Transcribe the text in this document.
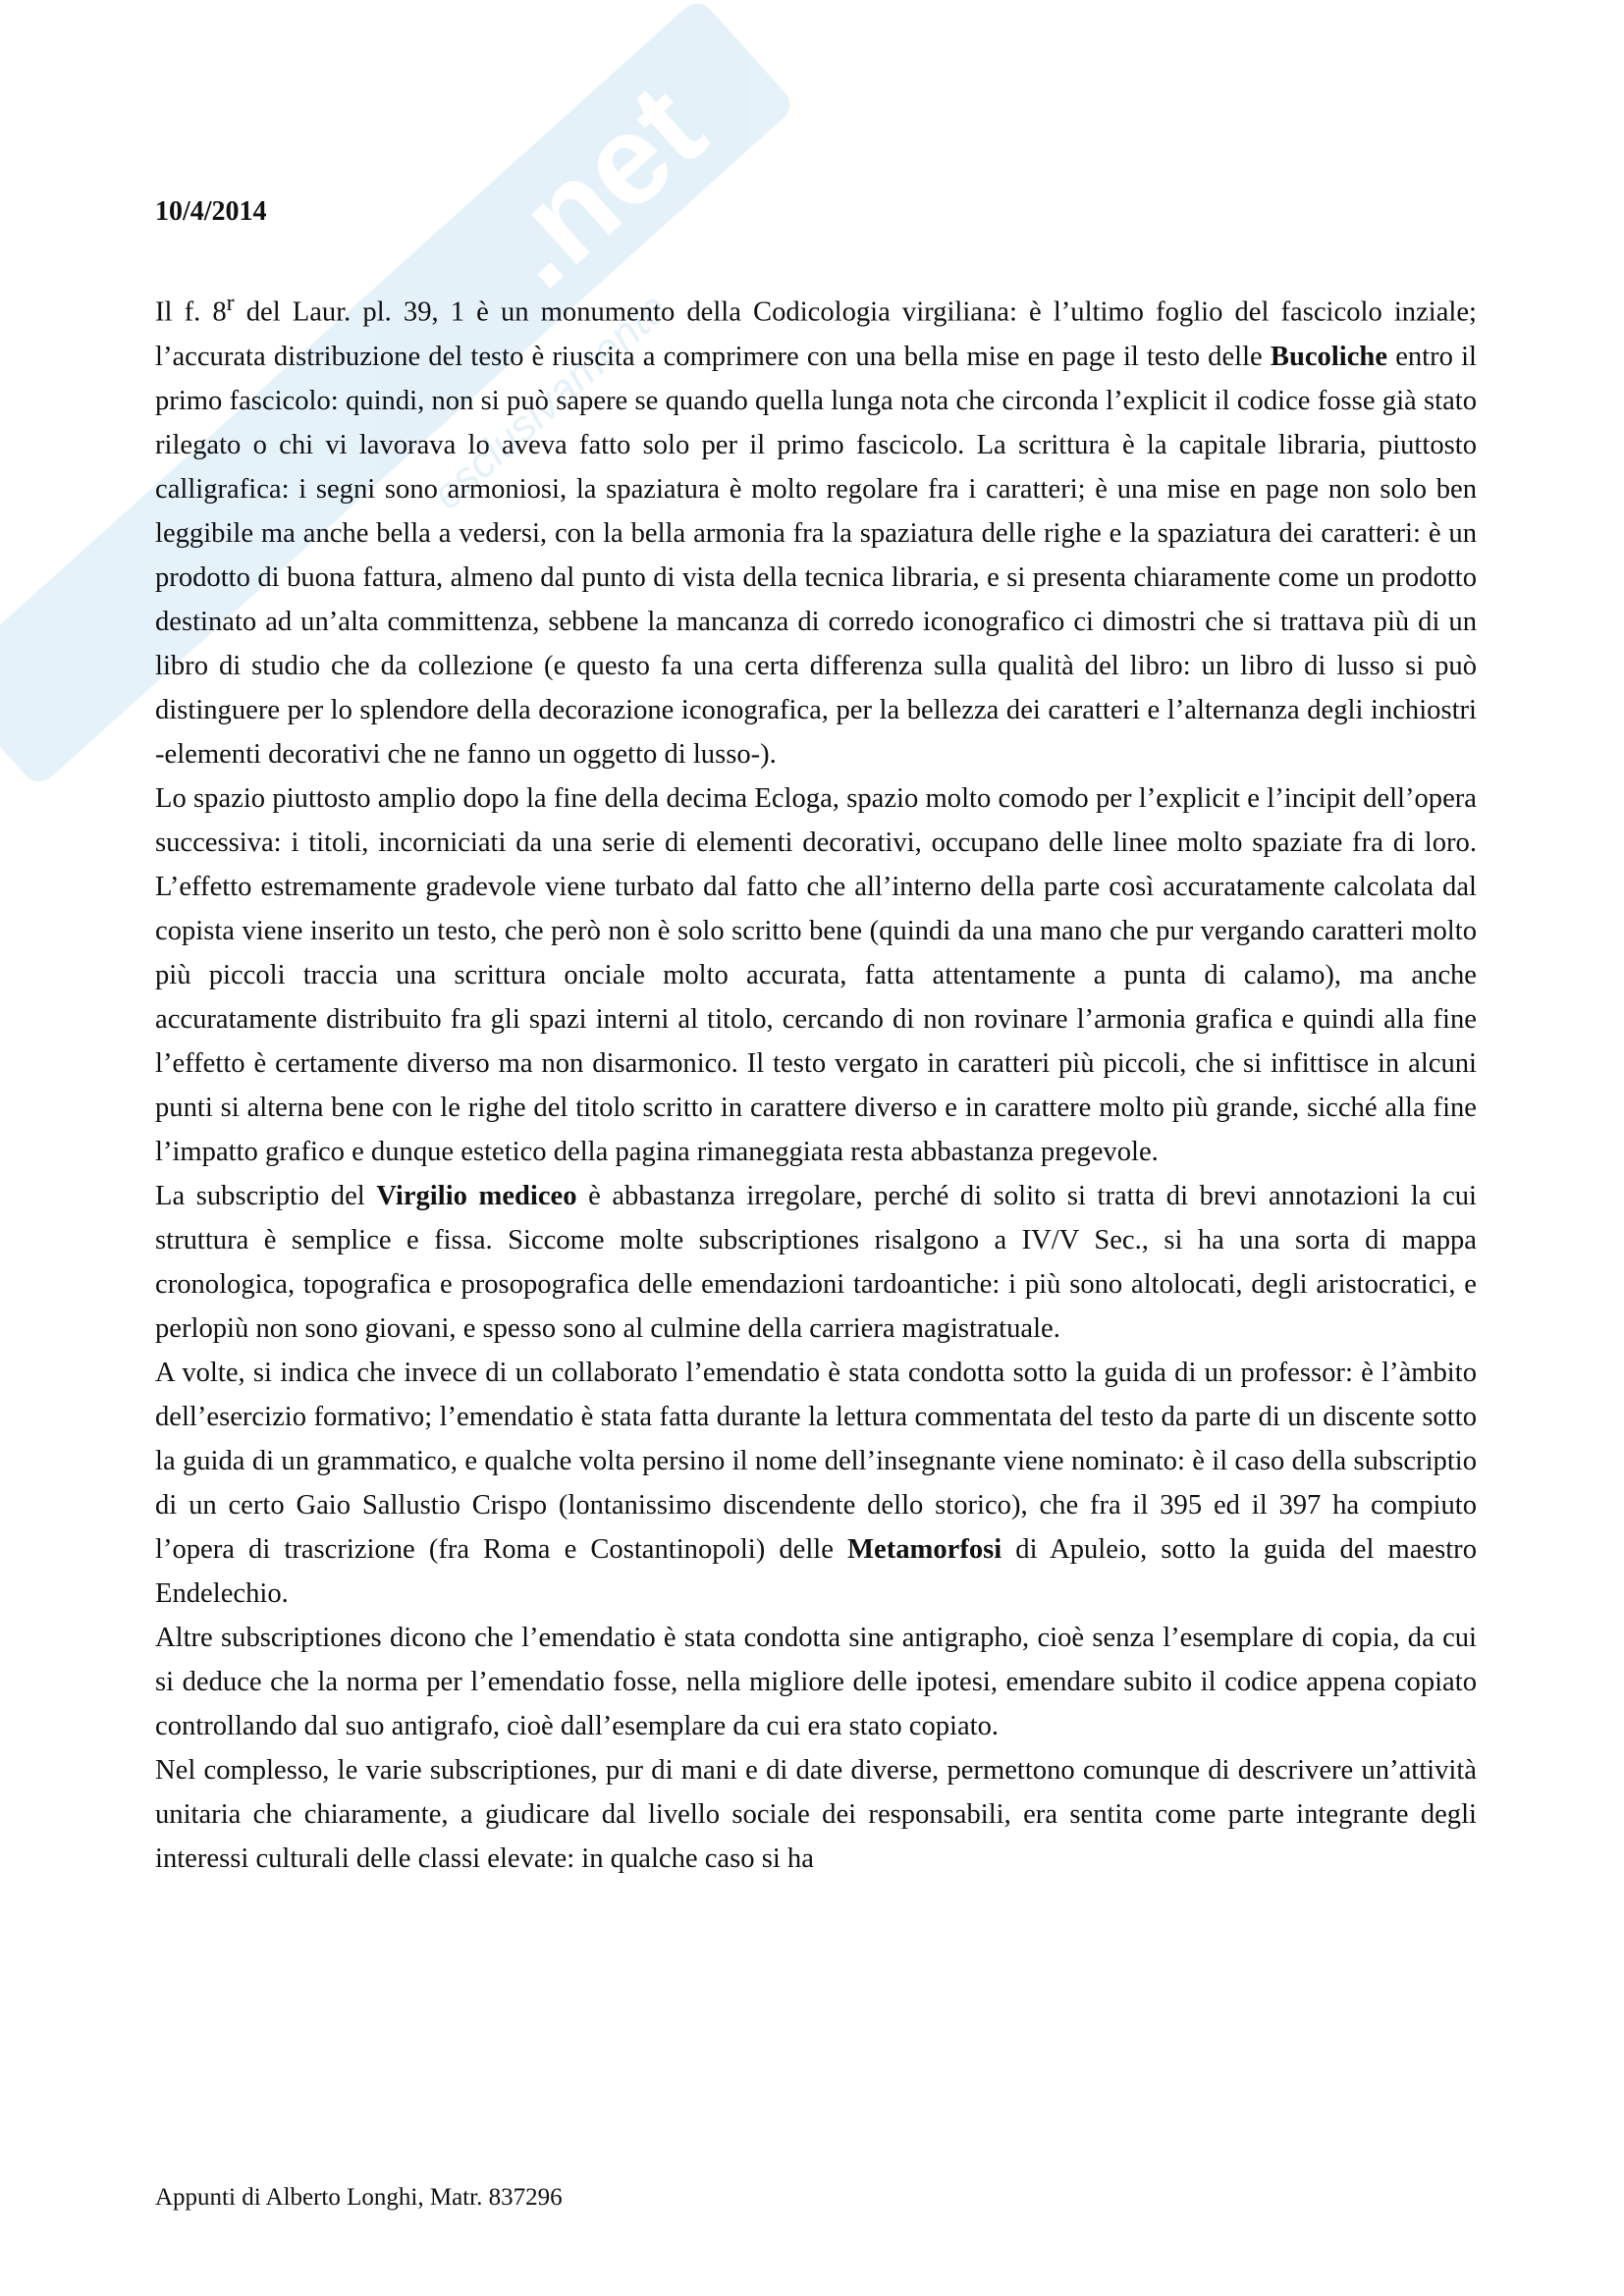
.net
esclusivamente

10/4/2014

Il f. 8$^r$ del Laur. pl. 39, 1 è un monumento della Codicologia virgiliana: è l’ultimo foglio del fascicolo inziale; l’accurata distribuzione del testo è riuscita a comprimere con una bella mise en page il testo delle Bucoliche entro il primo fascicolo: quindi, non si può sapere se quando quella lunga nota che circonda l’explicit il codice fosse già stato rilegato o chi vi lavorava lo aveva fatto solo per il primo fascicolo. La scrittura è la capitale libraria, piuttosto calligrafica: i segni sono armoniosi, la spaziatura è molto regolare fra i caratteri; è una mise en page non solo ben leggibile ma anche bella a vedersi, con la bella armonia fra la spaziatura delle righe e la spaziatura dei caratteri: è un prodotto di buona fattura, almeno dal punto di vista della tecnica libraria, e si presenta chiaramente come un prodotto destinato ad un’alta committenza, sebbene la mancanza di corredo iconografico ci dimostri che si trattava più di un libro di studio che da collezione (e questo fa una certa differenza sulla qualità del libro: un libro di lusso si può distinguere per lo splendore della decorazione iconografica, per la bellezza dei caratteri e l’alternanza degli inchiostri -elementi decorativi che ne fanno un oggetto di lusso-).

Lo spazio piuttosto amplio dopo la fine della decima Ecloga, spazio molto comodo per l’explicit e l’incipit dell’opera successiva: i titoli, incorniciati da una serie di elementi decorativi, occupano delle linee molto spaziate fra di loro. L’effetto estremamente gradevole viene turbato dal fatto che all’interno della parte così accuratamente calcolata dal copista viene inserito un testo, che però non è solo scritto bene (quindi da una mano che pur vergando caratteri molto più piccoli traccia una scrittura onciale molto accurata, fatta attentamente a punta di calamo), ma anche accuratamente distribuito fra gli spazi interni al titolo, cercando di non rovinare l’armonia grafica e quindi alla fine l’effetto è certamente diverso ma non disarmonico. Il testo vergato in caratteri più piccoli, che si infittisce in alcuni punti si alterna bene con le righe del titolo scritto in carattere diverso e in carattere molto più grande, sicché alla fine l’impatto grafico e dunque estetico della pagina rimaneggiata resta abbastanza pregevole.

La subscriptio del Virgilio mediceo è abbastanza irregolare, perché di solito si tratta di brevi annotazioni la cui struttura è semplice e fissa. Siccome molte subscriptiones risalgono a IV/V Sec., si ha una sorta di mappa cronologica, topografica e prosopografica delle emendazioni tardoantiche: i più sono altolocati, degli aristocratici, e perlopiù non sono giovani, e spesso sono al culmine della carriera magistratuale.

A volte, si indica che invece di un collaborato l’emendatio è stata condotta sotto la guida di un professor: è l’àmbito dell’esercizio formativo; l’emendatio è stata fatta durante la lettura commentata del testo da parte di un discente sotto la guida di un grammatico, e qualche volta persino il nome dell’insegnante viene nominato: è il caso della subscriptio di un certo Gaio Sallustio Crispo (lontanissimo discendente dello storico), che fra il 395 ed il 397 ha compiuto l’opera di trascrizione (fra Roma e Costantinopoli) delle Metamorfosi di Apuleio, sotto la guida del maestro Endelechio.

Altre subscriptiones dicono che l’emendatio è stata condotta sine antigrapho, cioè senza l’esemplare di copia, da cui si deduce che la norma per l’emendatio fosse, nella migliore delle ipotesi, emendare subito il codice appena copiato controllando dal suo antigrafo, cioè dall’esemplare da cui era stato copiato.

Nel complesso, le varie subscriptiones, pur di mani e di date diverse, permettono comunque di descrivere un’attività unitaria che chiaramente, a giudicare dal livello sociale dei responsabili, era sentita come parte integrante degli interessi culturali delle classi elevate: in qualche caso si ha

Appunti di Alberto Longhi, Matr. 837296
